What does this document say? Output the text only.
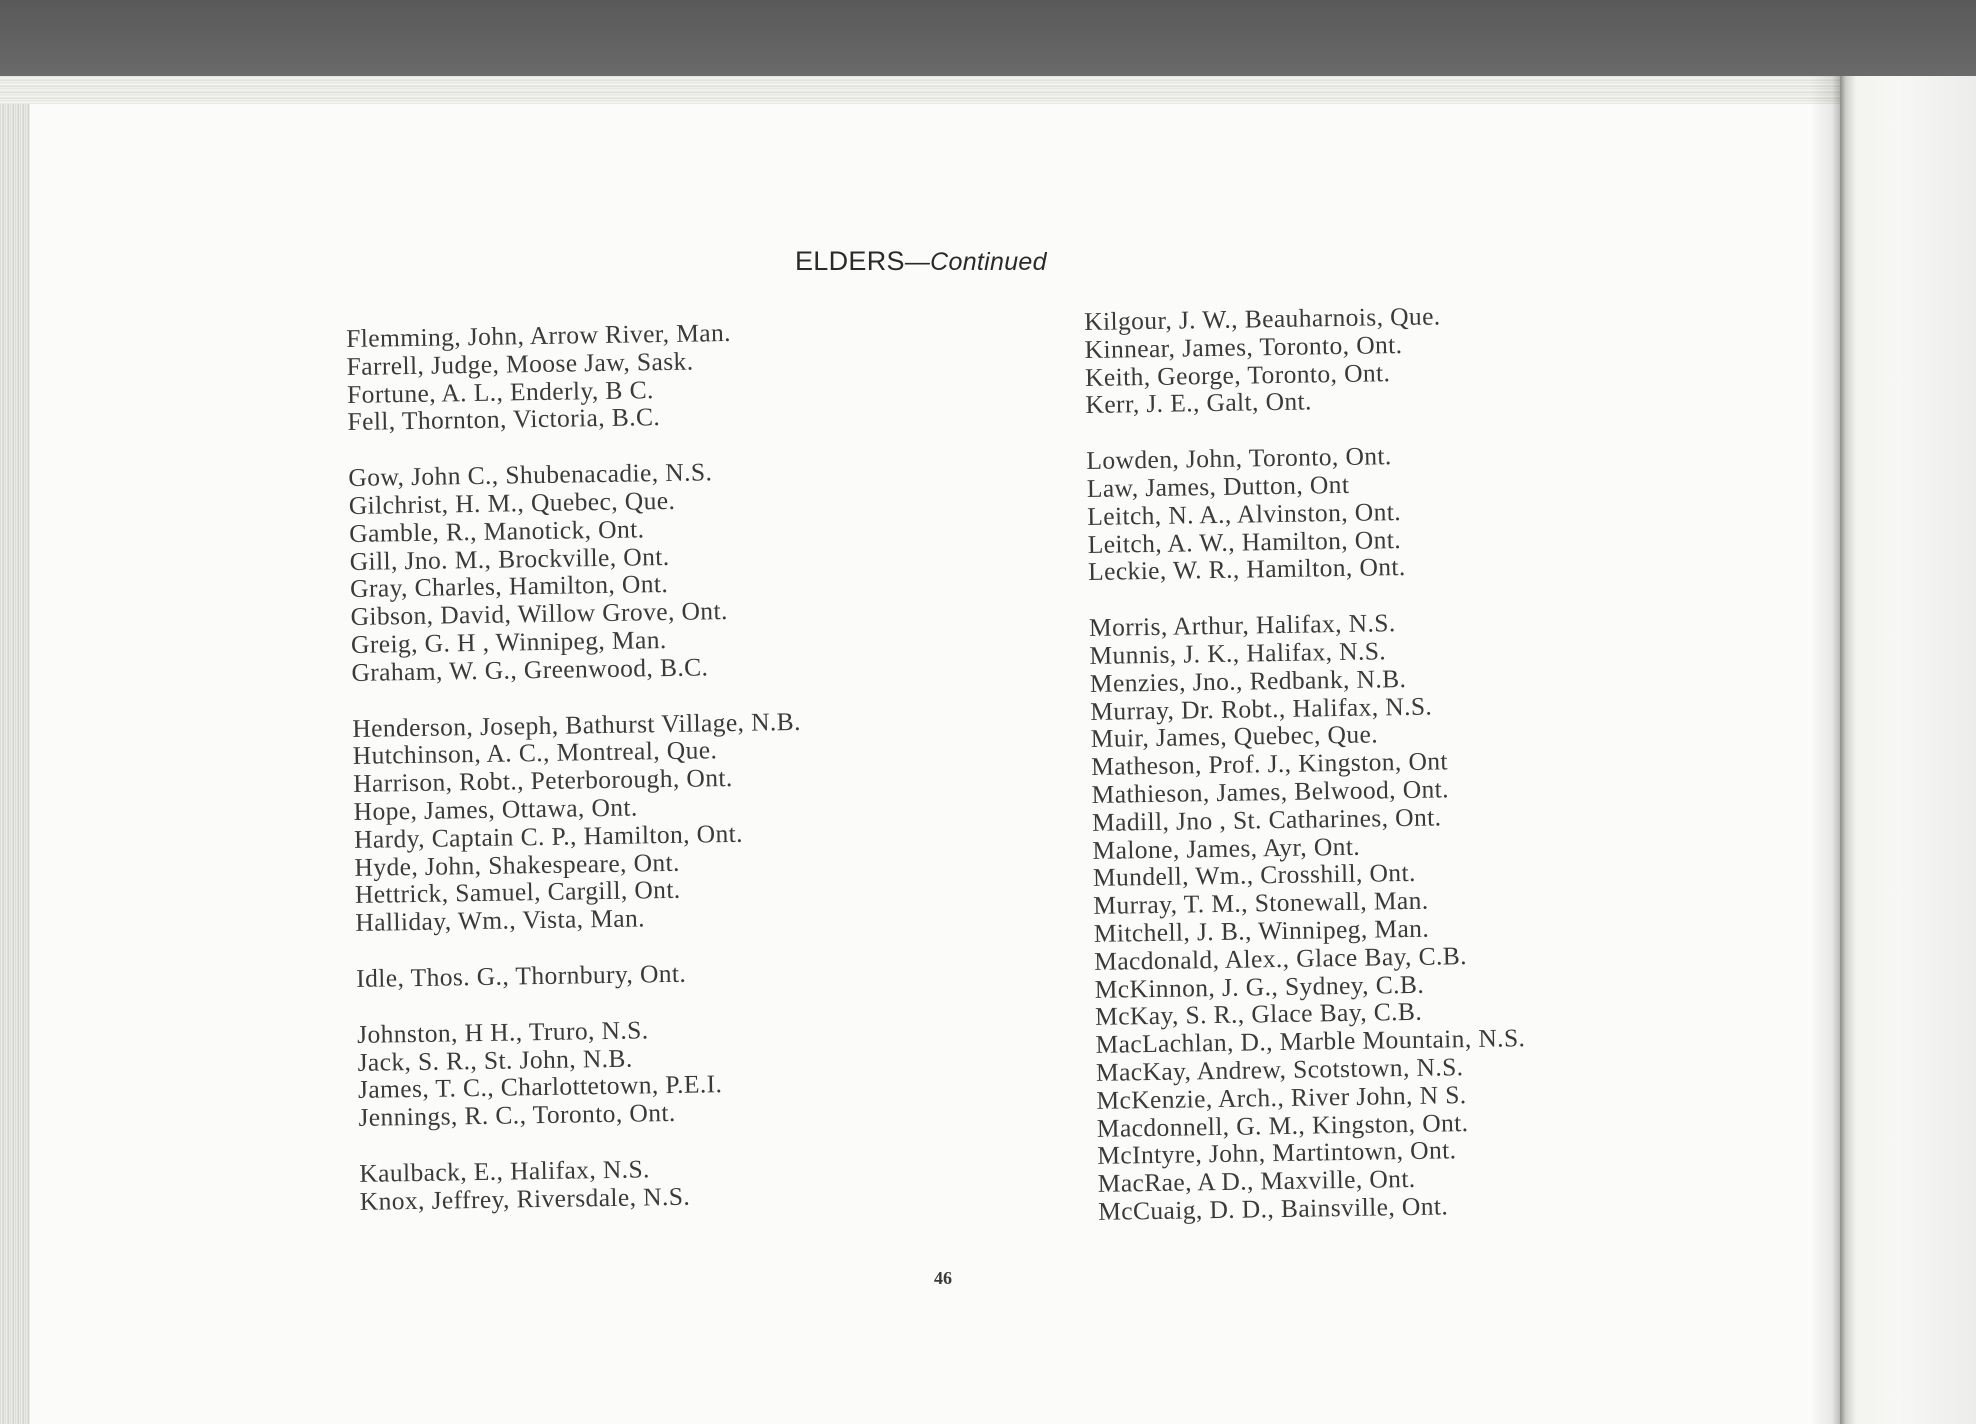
ELDERS—Continued
Flemming, John, Arrow River, Man.
Farrell, Judge, Moose Jaw, Sask.
Fortune, A. L., Enderly, B C.
Fell, Thornton, Victoria, B.C.
Gow, John C., Shubenacadie, N.S.
Gilchrist, H. M., Quebec, Que.
Gamble, R., Manotick, Ont.
Gill, Jno. M., Brockville, Ont.
Gray, Charles, Hamilton, Ont.
Gibson, David, Willow Grove, Ont.
Greig, G. H , Winnipeg, Man.
Graham, W. G., Greenwood, B.C.
Henderson, Joseph, Bathurst Village, N.B.
Hutchinson, A. C., Montreal, Que.
Harrison, Robt., Peterborough, Ont.
Hope, James, Ottawa, Ont.
Hardy, Captain C. P., Hamilton, Ont.
Hyde, John, Shakespeare, Ont.
Hettrick, Samuel, Cargill, Ont.
Halliday, Wm., Vista, Man.
Idle, Thos. G., Thornbury, Ont.
Johnston, H H., Truro, N.S.
Jack, S. R., St. John, N.B.
James, T. C., Charlottetown, P.E.I.
Jennings, R. C., Toronto, Ont.
Kaulback, E., Halifax, N.S.
Knox, Jeffrey, Riversdale, N.S.
Kilgour, J. W., Beauharnois, Que.
Kinnear, James, Toronto, Ont.
Keith, George, Toronto, Ont.
Kerr, J. E., Galt, Ont.
Lowden, John, Toronto, Ont.
Law, James, Dutton, Ont
Leitch, N. A., Alvinston, Ont.
Leitch, A. W., Hamilton, Ont.
Leckie, W. R., Hamilton, Ont.
Morris, Arthur, Halifax, N.S.
Munnis, J. K., Halifax, N.S.
Menzies, Jno., Redbank, N.B.
Murray, Dr. Robt., Halifax, N.S.
Muir, James, Quebec, Que.
Matheson, Prof. J., Kingston, Ont
Mathieson, James, Belwood, Ont.
Madill, Jno , St. Catharines, Ont.
Malone, James, Ayr, Ont.
Mundell, Wm., Crosshill, Ont.
Murray, T. M., Stonewall, Man.
Mitchell, J. B., Winnipeg, Man.
Macdonald, Alex., Glace Bay, C.B.
McKinnon, J. G., Sydney, C.B.
McKay, S. R., Glace Bay, C.B.
MacLachlan, D., Marble Mountain, N.S.
MacKay, Andrew, Scotstown, N.S.
McKenzie, Arch., River John, N S.
Macdonnell, G. M., Kingston, Ont.
McIntyre, John, Martintown, Ont.
MacRae, A D., Maxville, Ont.
McCuaig, D. D., Bainsville, Ont.
46
